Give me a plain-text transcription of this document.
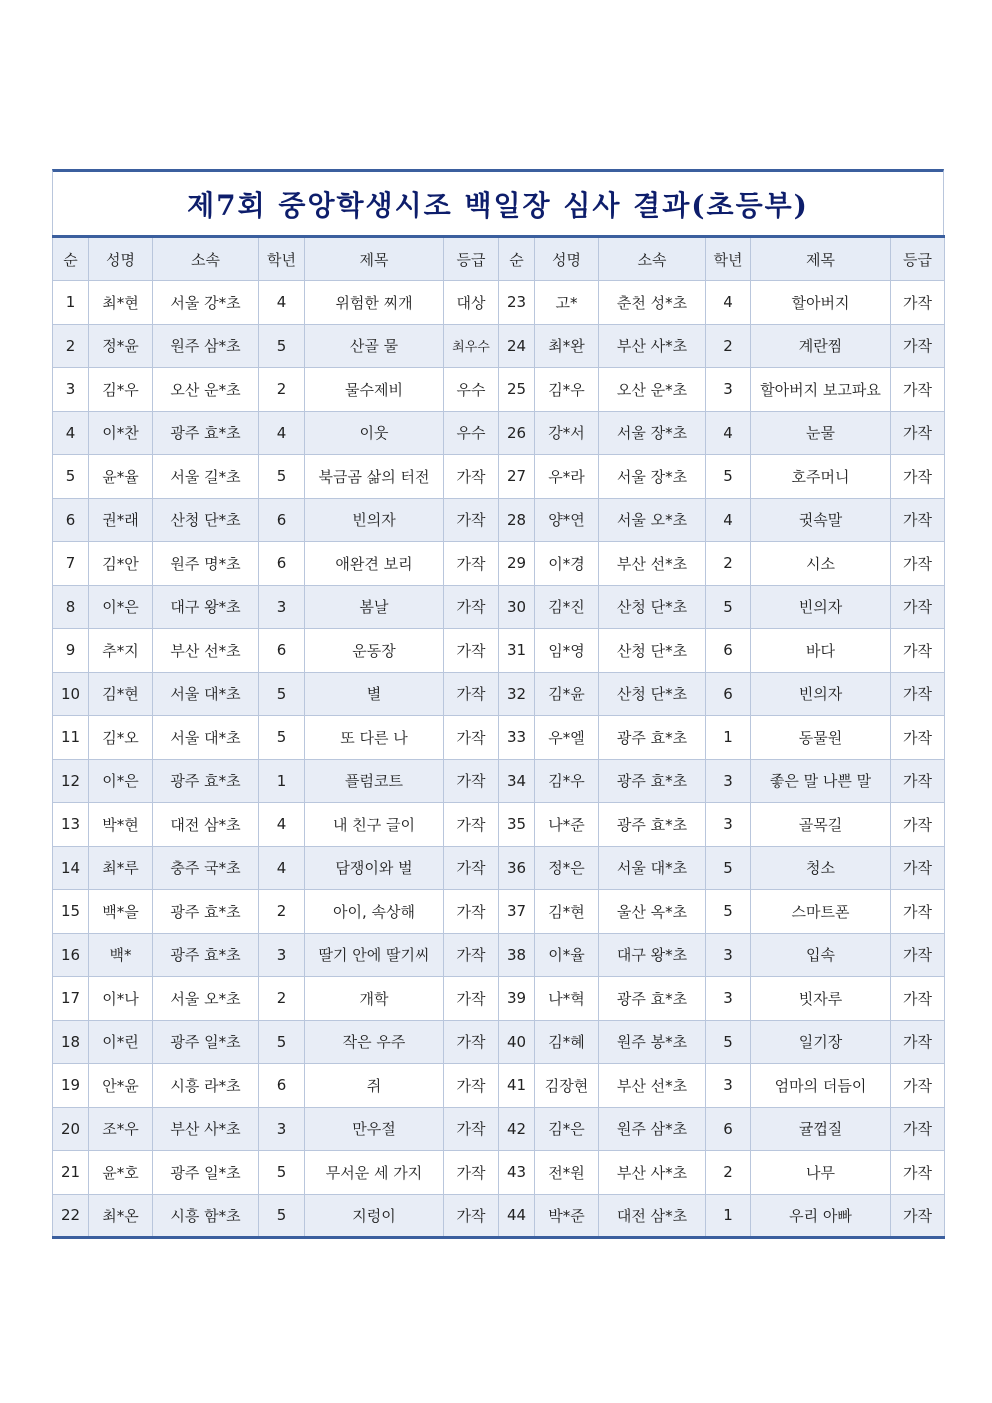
제7회 중앙학생시조 백일장 심사 결과(초등부)
순	성명	소속	학년	제목	등급	순	성명	소속	학년	제목	등급
1	최*현	서울 강*초	4	위험한 찌개	대상	23	고*	춘천 성*초	4	할아버지	가작
2	정*윤	원주 삼*초	5	산골 물	최우수	24	최*완	부산 사*초	2	계란찜	가작
3	김*우	오산 운*초	2	물수제비	우수	25	김*우	오산 운*초	3	할아버지 보고파요	가작
4	이*찬	광주 효*초	4	이웃	우수	26	강*서	서울 장*초	4	눈물	가작
5	윤*율	서울 길*초	5	북금곰 삶의 터전	가작	27	우*라	서울 장*초	5	호주머니	가작
6	권*래	산청 단*초	6	빈의자	가작	28	양*연	서울 오*초	4	귓속말	가작
7	김*안	원주 명*초	6	애완견 보리	가작	29	이*경	부산 선*초	2	시소	가작
8	이*은	대구 왕*초	3	봄날	가작	30	김*진	산청 단*초	5	빈의자	가작
9	추*지	부산 선*초	6	운동장	가작	31	임*영	산청 단*초	6	바다	가작
10	김*현	서울 대*초	5	별	가작	32	김*윤	산청 단*초	6	빈의자	가작
11	김*오	서울 대*초	5	또 다른 나	가작	33	우*엘	광주 효*초	1	동물원	가작
12	이*은	광주 효*초	1	플럼코트	가작	34	김*우	광주 효*초	3	좋은 말 나쁜 말	가작
13	박*현	대전 삼*초	4	내 친구 글이	가작	35	나*준	광주 효*초	3	골목길	가작
14	최*루	충주 국*초	4	담쟁이와 벌	가작	36	정*은	서울 대*초	5	청소	가작
15	백*을	광주 효*초	2	아이, 속상해	가작	37	김*현	울산 옥*초	5	스마트폰	가작
16	백*	광주 효*초	3	딸기 안에 딸기씨	가작	38	이*율	대구 왕*초	3	입속	가작
17	이*나	서울 오*초	2	개학	가작	39	나*혁	광주 효*초	3	빗자루	가작
18	이*린	광주 일*초	5	작은 우주	가작	40	김*혜	원주 봉*초	5	일기장	가작
19	안*윤	시흥 라*초	6	쥐	가작	41	김장현	부산 선*초	3	엄마의 더듬이	가작
20	조*우	부산 사*초	3	만우절	가작	42	김*은	원주 삼*초	6	귤껍질	가작
21	윤*호	광주 일*초	5	무서운 세 가지	가작	43	전*원	부산 사*초	2	나무	가작
22	최*온	시흥 함*초	5	지렁이	가작	44	박*준	대전 삼*초	1	우리 아빠	가작
